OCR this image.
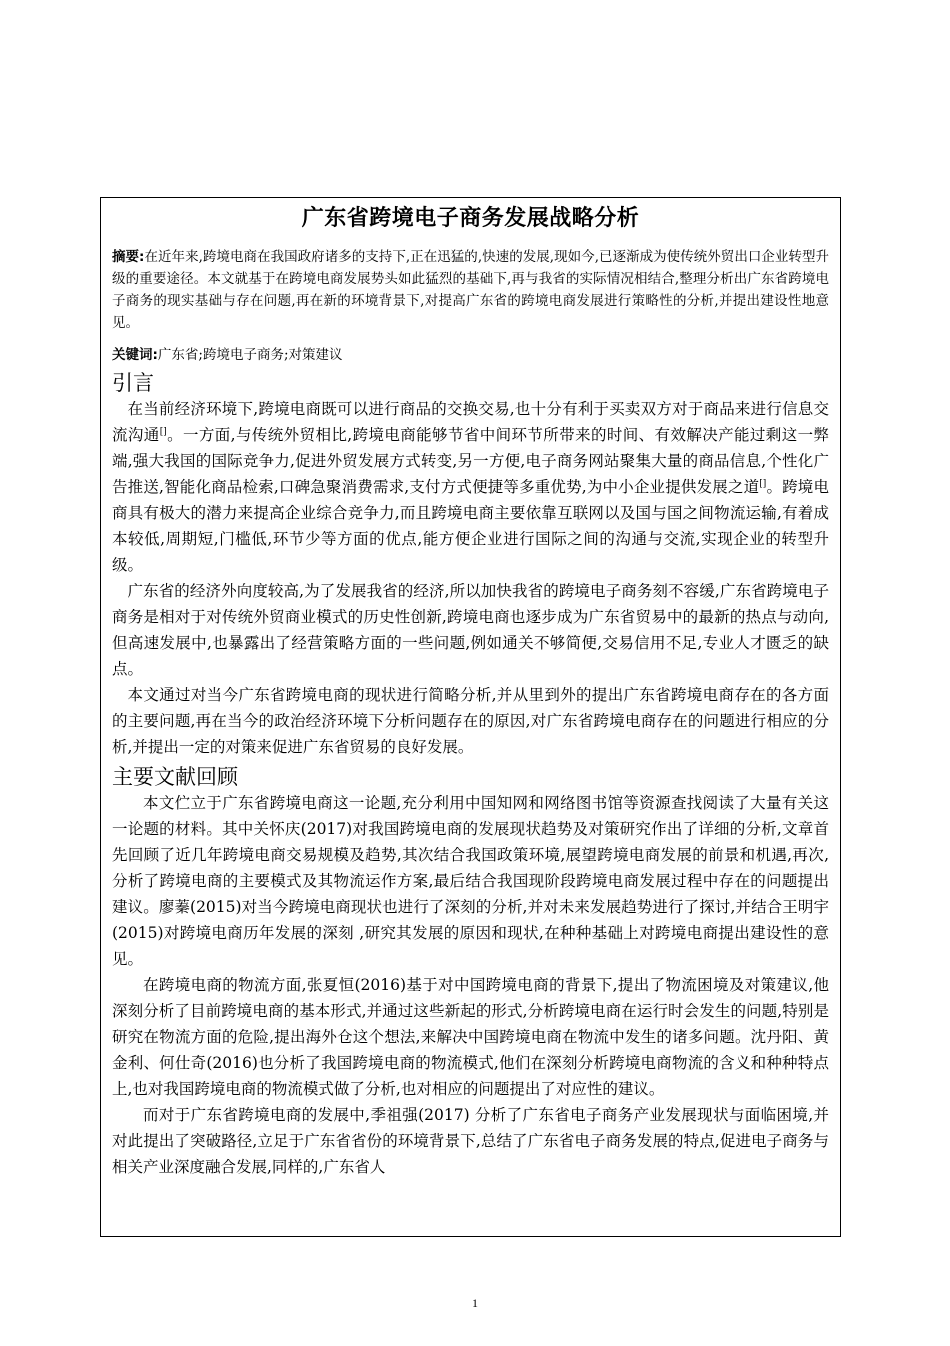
广东省跨境电子商务发展战略分析

摘要:在近年来,跨境电商在我国政府诸多的支持下,正在迅猛的,快速的发展,现如今,已逐渐成为使传统外贸出口企业转型升级的重要途径。本文就基于在跨境电商发展势头如此猛烈的基础下,再与我省的实际情况相结合,整理分析出广东省跨境电子商务的现实基础与存在问题,再在新的环境背景下,对提高广东省的跨境电商发展进行策略性的分析,并提出建设性地意见。

关键词:广东省;跨境电子商务;对策建议

引言

在当前经济环境下,跨境电商既可以进行商品的交换交易,也十分有利于买卖双方对于商品来进行信息交流沟通[]。一方面,与传统外贸相比,跨境电商能够节省中间环节所带来的时间、有效解决产能过剩这一弊端,强大我国的国际竞争力,促进外贸发展方式转变,另一方便,电子商务网站聚集大量的商品信息,个性化广告推送,智能化商品检索,口碑急聚消费需求,支付方式便捷等多重优势,为中小企业提供发展之道[]。跨境电商具有极大的潜力来提高企业综合竞争力,而且跨境电商主要依靠互联网以及国与国之间物流运输,有着成本较低,周期短,门槛低,环节少等方面的优点,能方便企业进行国际之间的沟通与交流,实现企业的转型升级。

广东省的经济外向度较高,为了发展我省的经济,所以加快我省的跨境电子商务刻不容缓,广东省跨境电子商务是相对于对传统外贸商业模式的历史性创新,跨境电商也逐步成为广东省贸易中的最新的热点与动向,但高速发展中,也暴露出了经营策略方面的一些问题,例如通关不够简便,交易信用不足,专业人才匮乏的缺点。

本文通过对当今广东省跨境电商的现状进行简略分析,并从里到外的提出广东省跨境电商存在的各方面的主要问题,再在当今的政治经济环境下分析问题存在的原因,对广东省跨境电商存在的问题进行相应的分析,并提出一定的对策来促进广东省贸易的良好发展。

主要文献回顾

本文伫立于广东省跨境电商这一论题,充分利用中国知网和网络图书馆等资源查找阅读了大量有关这一论题的材料。其中关怀庆(2017)对我国跨境电商的发展现状趋势及对策研究作出了详细的分析,文章首先回顾了近几年跨境电商交易规模及趋势,其次结合我国政策环境,展望跨境电商发展的前景和机遇,再次, 分析了跨境电商的主要模式及其物流运作方案,最后结合我国现阶段跨境电商发展过程中存在的问题提出建议。廖蓁(2015)对当今跨境电商现状也进行了深刻的分析,并对未来发展趋势进行了探讨,并结合王明宇(2015)对跨境电商历年发展的深刻 ,研究其发展的原因和现状,在种种基础上对跨境电商提出建设性的意见。

在跨境电商的物流方面,张夏恒(2016)基于对中国跨境电商的背景下,提出了物流困境及对策建议,他深刻分析了目前跨境电商的基本形式,并通过这些新起的形式,分析跨境电商在运行时会发生的问题,特别是研究在物流方面的危险,提出海外仓这个想法,来解决中国跨境电商在物流中发生的诸多问题。沈丹阳、黄金利、何仕奇(2016)也分析了我国跨境电商的物流模式,他们在深刻分析跨境电商物流的含义和种种特点上,也对我国跨境电商的物流模式做了分析,也对相应的问题提出了对应性的建议。

而对于广东省跨境电商的发展中,季祖强(2017) 分析了广东省电子商务产业发展现状与面临困境,并对此提出了突破路径,立足于广东省省份的环境背景下,总结了广东省电子商务发展的特点,促进电子商务与相关产业深度融合发展,同样的,广东省人

1
